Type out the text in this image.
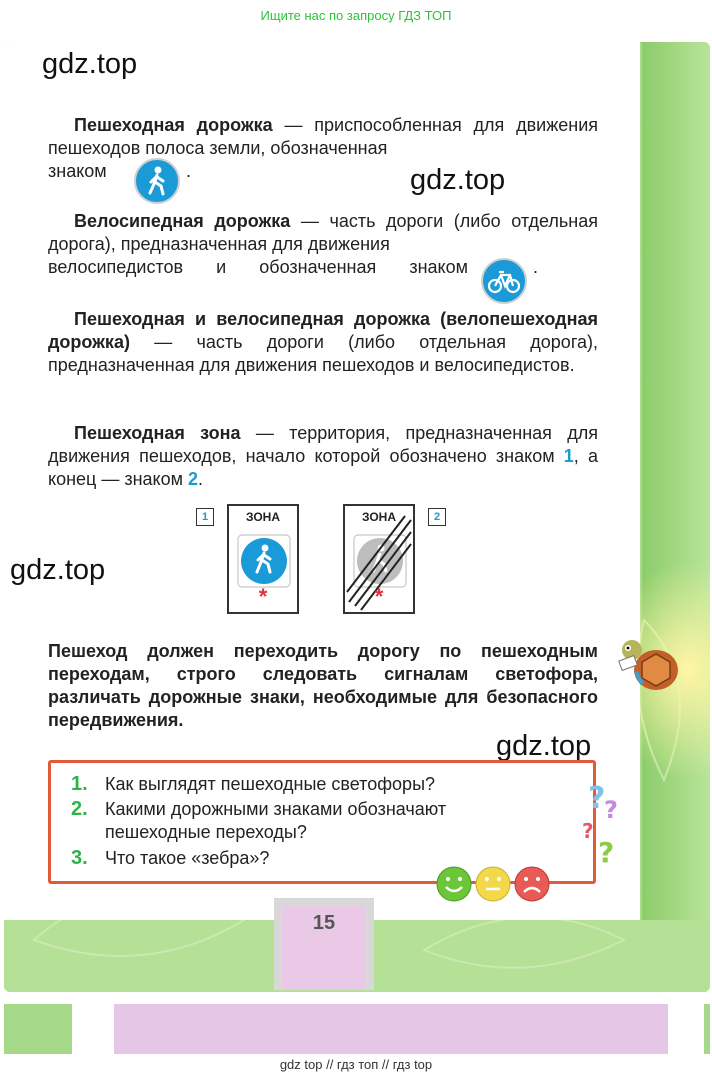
Ищите нас по запросу ГДЗ ТОП
gdz.top
gdz.top
gdz.top
gdz.top
Пешеходная дорожка — приспособленная для движения пешеходов полоса земли, обозначенная
знаком	.
Велосипедная дорожка — часть дороги (либо отдельная дорога), предназначенная для движения
велосипедистов и обозначенная знаком	.
Пешеходная и велосипедная дорожка (велопешеходная дорожка) — часть дороги (либо отдельная дорога), предназначенная для движения пешеходов и велосипедистов.
Пешеходная зона — территория, предназначенная для движения пешеходов, начало которой обозначено знаком 1, а конец — знаком 2.
1	ЗОНА
*
ЗОНА
*
2
Пешеход должен переходить дорогу по пешеходным переходам, строго следовать сигналам светофора, различать дорожные знаки, необходимые для безопасного передвижения.
1. Как выглядят пешеходные светофоры?
2. Какими дорожными знаками обозначают
пешеходные переходы?
3. Что такое «зебра»?
?
?
?
?
15
gdz top // гдз топ // гдз top
